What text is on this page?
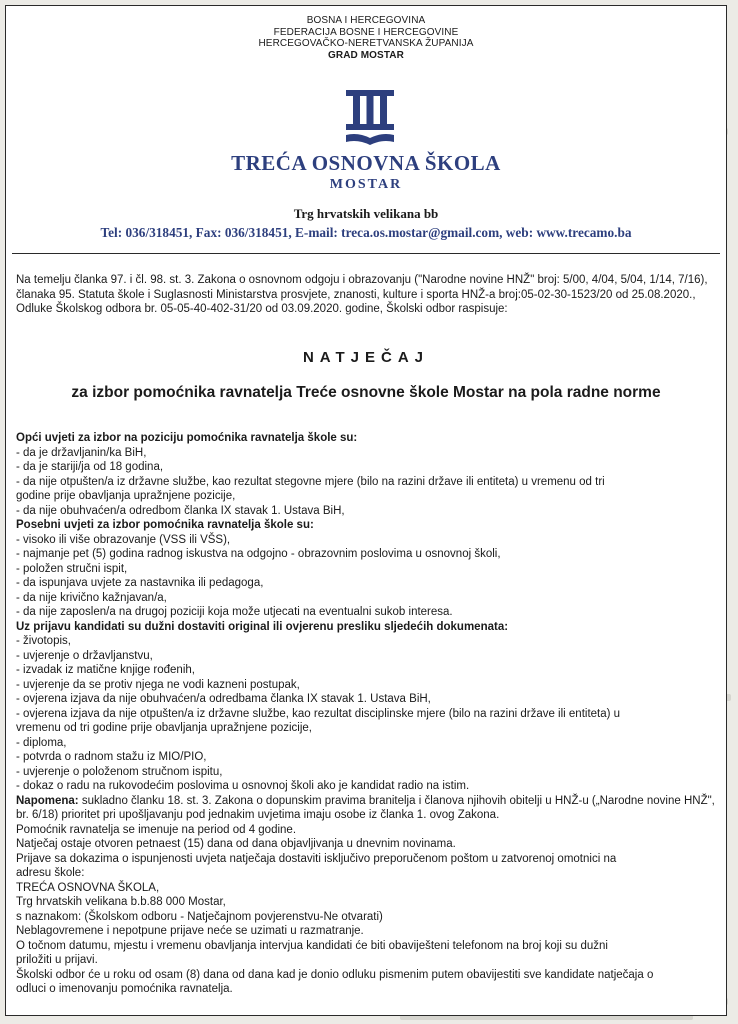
BOSNA I HERCEGOVINA
FEDERACIJA BOSNE I HERCEGOVINE
HERCEGOVAČKO-NERETVANSKA ŽUPANIJA
GRAD MOSTAR
TREĆA OSNOVNA ŠKOLA
MOSTAR
Trg hrvatskih velikana bb
Tel: 036/318451, Fax: 036/318451, E-mail: treca.os.mostar@gmail.com, web: www.trecamo.ba
Na temelju članka 97. i čl. 98. st. 3. Zakona o osnovnom odgoju i obrazovanju ("Narodne novine HNŽ" broj: 5/00, 4/04, 5/04, 1/14, 7/16), članaka 95. Statuta škole i Suglasnosti Ministarstva prosvjete, znanosti, kulture i sporta HNŽ-a broj:05-02-30-1523/20 od 25.08.2020., Odluke Školskog odbora br. 05-05-40-402-31/20 od 03.09.2020. godine, Školski odbor raspisuje:
NATJEČAJ
za izbor pomoćnika ravnatelja Treće osnovne škole Mostar na pola radne norme
Opći uvjeti za izbor na poziciju pomoćnika ravnatelja škole su:
- da je državljanin/ka BiH,
- da je stariji/ja od 18 godina,
- da nije otpušten/a iz državne službe, kao rezultat stegovne mjere (bilo na razini države ili entiteta) u vremenu od tri
godine prije obavljanja upražnjene pozicije,
- da nije obuhvaćen/a odredbom članka IX stavak 1. Ustava BiH,
Posebni uvjeti za izbor pomoćnika ravnatelja škole su:
- visoko ili više obrazovanje (VSS ili VŠS),
- najmanje pet (5) godina radnog iskustva na odgojno - obrazovnim poslovima u osnovnoj školi,
- položen stručni ispit,
- da ispunjava uvjete za nastavnika ili pedagoga,
- da nije krivično kažnjavan/a,
- da nije zaposlen/a na drugoj poziciji koja može utjecati na eventualni sukob interesa.
Uz prijavu kandidati su dužni dostaviti original ili ovjerenu presliku sljedećih dokumenata:
- životopis,
- uvjerenje o državljanstvu,
- izvadak iz matične knjige rođenih,
- uvjerenje da se protiv njega ne vodi kazneni postupak,
- ovjerena izjava da nije obuhvaćen/a odredbama članka IX stavak 1. Ustava BiH,
- ovjerena izjava da nije otpušten/a iz državne službe, kao rezultat disciplinske mjere (bilo na razini države ili entiteta) u
vremenu od tri godine prije obavljanja upražnjene pozicije,
- diploma,
- potvrda o radnom stažu iz MIO/PIO,
- uvjerenje o položenom stručnom ispitu,
- dokaz o radu na rukovodećim poslovima u osnovnoj školi ako je kandidat radio na istim.
Napomena: sukladno članku 18. st. 3. Zakona o dopunskim pravima branitelja i članova njihovih obitelji u HNŽ-u („Narodne novine HNŽ", br. 6/18) prioritet pri upošljavanju pod jednakim uvjetima imaju osobe iz članka 1. ovog Zakona.
Pomoćnik ravnatelja se imenuje na period od 4 godine.
Natječaj ostaje otvoren petnaest (15) dana od dana objavljivanja u dnevnim novinama.
Prijave sa dokazima o ispunjenosti uvjeta natječaja dostaviti isključivo preporučenom poštom u zatvorenoj omotnici na
adresu škole:
TREĆA OSNOVNA ŠKOLA,
Trg hrvatskih velikana b.b.88 000 Mostar,
s naznakom: (Školskom odboru - Natječajnom povjerenstvu-Ne otvarati)
Neblagovremene i nepotpune prijave neće se uzimati u razmatranje.
O točnom datumu, mjestu i vremenu obavljanja intervjua kandidati će biti obaviješteni telefonom na broj koji su dužni
priložiti u prijavi.
Školski odbor će u roku od osam (8) dana od dana kad je donio odluku pismenim putem obavijestiti sve kandidate natječaja o
odluci o imenovanju pomoćnika ravnatelja.
